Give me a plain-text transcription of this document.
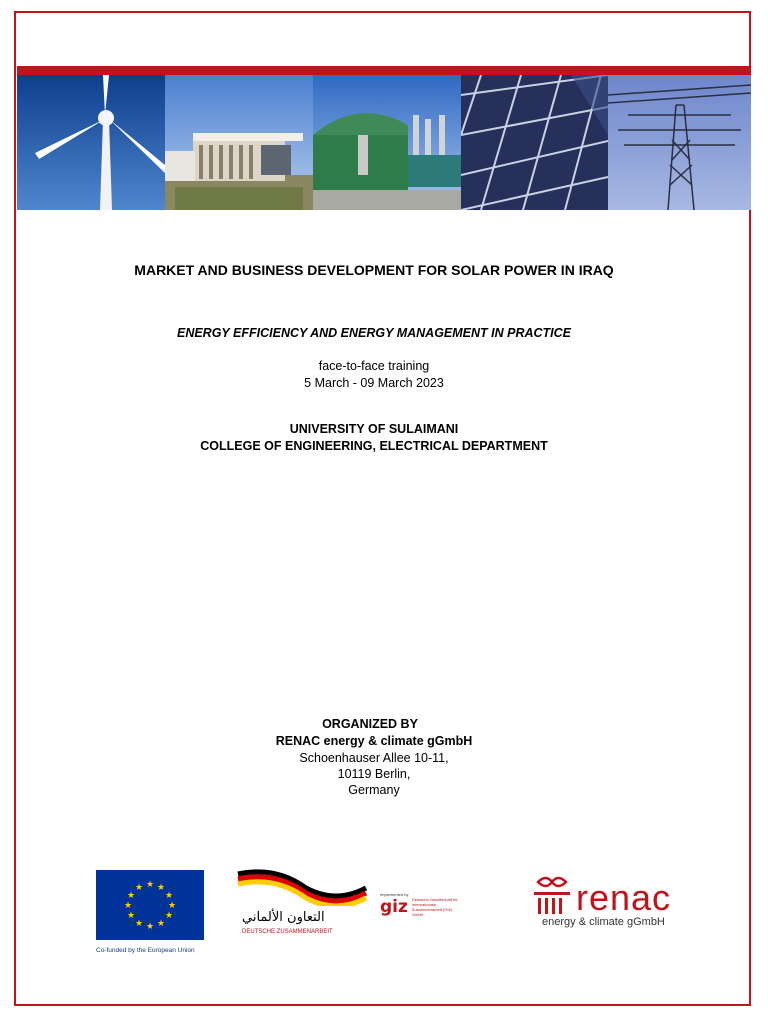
MARKET AND BUSINESS DEVELOPMENT FOR SOLAR POWER IN IRAQ
ENERGY EFFICIENCY AND ENERGY MANAGEMENT IN PRACTICE
face-to-face training
5 March - 09 March 2023
UNIVERSITY OF SULAIMANI
COLLEGE OF ENGINEERING, ELECTRICAL DEPARTMENT
ORGANIZED BY
RENAC energy & climate gGmbH
Schoenhauser Allee 10-11,
10119 Berlin,
Germany
★ ★
★
★
★
★
★
★
★
★
★
★
Co-funded by the European Union
التعاون الألماني
DEUTSCHE ZUSAMMENARBEIT
Implemented by
giz Deutsche Gesellschaft für Internationale Zusammenarbeit (GIZ) GmbH	renac
energy & climate gGmbH
